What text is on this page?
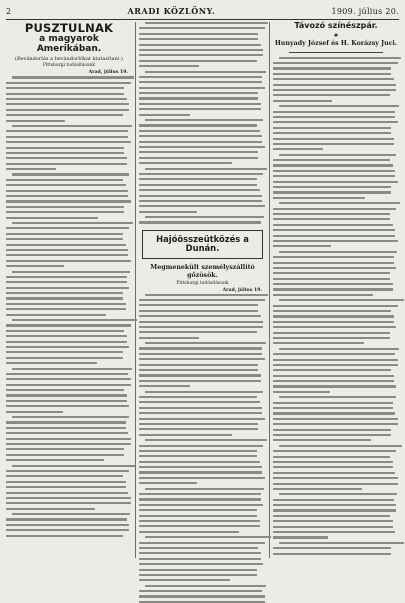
2	ARADI KÖZLÖNY.	1909. július 20.
PUSZTULNAK
a magyarok Amerikában.
(Bevándorlás a bevándorlókat kiutasítani.)
Pittsburgi tudósításunk
Arad, július 19.
Hajóösszeütközés a Dunán.
Megmenekült személyszállító gőzösök.
Pittsburgi tudósításunk
Arad, július 19.
Távozó színészpár.
✱
Hunyady József és H. Korázsy Juci.
